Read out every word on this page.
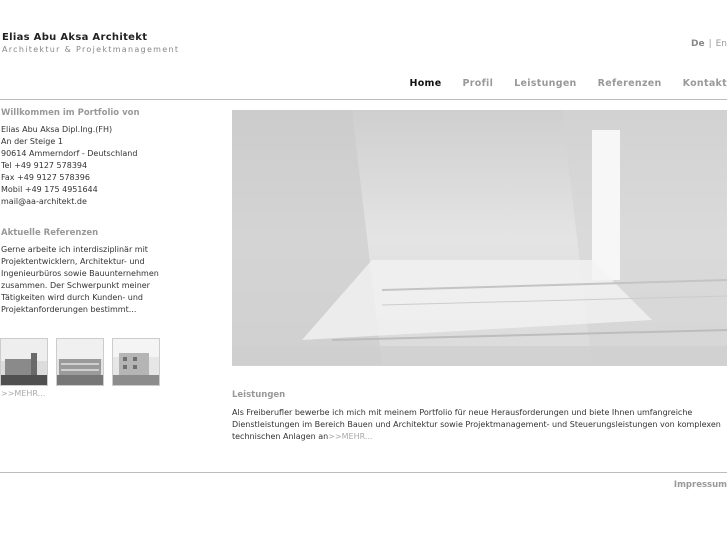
Elias Abu Aksa Architekt
Architektur & Projektmanagement
De | En
Home Profil Leistungen Referenzen Kontakt
Willkommen im Portfolio von
Elias Abu Aksa Dipl.Ing.(FH)
An der Steige 1
90614 Ammerndorf - Deutschland
Tel +49 9127 578394
Fax +49 9127 578396
Mobil +49 175 4951644
mail@aa-architekt.de
Aktuelle Referenzen
Gerne arbeite ich interdisziplinär mit Projektentwicklern, Architektur- und Ingenieurbüros sowie Bauunternehmen zusammen. Der Schwerpunkt meiner Tätigkeiten wird durch Kunden- und Projektanforderungen bestimmt...
>>MEHR...	Leistungen
Als Freiberufler bewerbe ich mich mit meinem Portfolio für neue Herausforderungen und biete Ihnen umfangreiche Dienstleistungen im Bereich Bauen und Architektur sowie Projektmanagement- und Steuerungsleistungen von komplexen technischen Anlagen an>>MEHR...
Impressum
